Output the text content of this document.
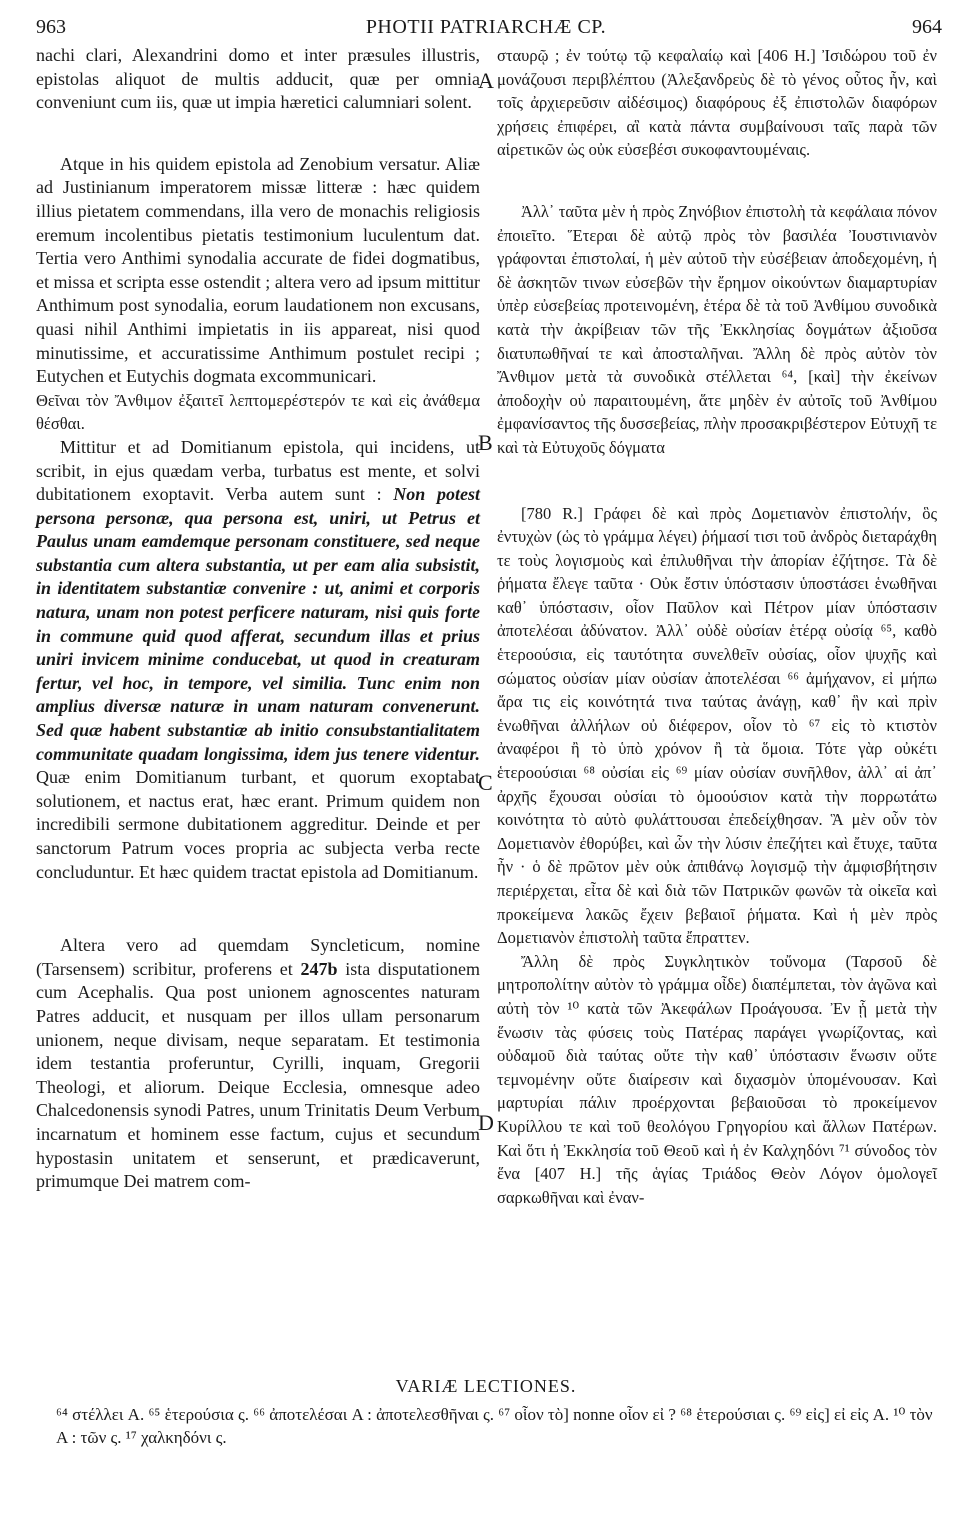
963	PHOTII PATRIARCHÆ CP.	964

nachi clari, Alexandrini domo et inter præsules illustris, epistolas aliquot de multis adducit, quæ per omnia conveniunt cum iis, quæ ut impia hæretici calumniari solent.

Atque in his quidem epistola ad Zenobium versatur. Aliæ ad Justinianum imperatorem missæ litteræ : hæc quidem illius pietatem commendans, illa vero de monachis religiosis eremum incolentibus pietatis testimonium luculentum dat. Tertia vero Anthimi synodalia accurate de fidei dogmatibus, et missa et scripta esse ostendit ; altera vero ad ipsum mittitur Anthimum post synodalia, eorum laudationem non excusans, quasi nihil Anthimi impietatis in iis appareat, nisi quod minutissime, et accuratissime Anthimum postulet recipi ; Eutychen et Eutychis dogmata excommunicari.

Θεῖναι τὸν Ἄνθιμον ἐξαιτεῖ λεπτομερέστερόν τε καὶ εἰς ἀνάθεμα θέσθαι.

Mittitur et ad Domitianum epistola, qui incidens, ut scribit, in ejus quædam verba, turbatus est mente, et solvi dubitationem exoptavit. Verba autem sunt : Non potest persona personæ, qua persona est, uniri, ut Petrus et Paulus unam eamdemque personam constituere, sed neque substantia cum altera substantia, ut per eam alia subsistit, in identitatem substantiæ convenire : ut, animi et corporis natura, unam non potest perficere naturam, nisi quis forte in commune quid quod afferat, secundum illas et prius uniri invicem minime conducebat, ut quod in creaturam fertur, vel hoc, in tempore, vel similia. Tunc enim non amplius diversæ naturæ in unam naturam convenerunt. Sed quæ habent substantiæ ab initio consubstantialitatem communitate quadam longissima, idem jus tenere videntur. Quæ enim Domitianum turbant, et quorum exoptabat solutionem, et nactus erat, hæc erant. Primum quidem non incredibili sermone dubitationem aggreditur. Deinde et per sanctorum Patrum voces propria ac subjecta verba recte concluduntur. Et hæc quidem tractat epistola ad Domitianum.

Altera vero ad quemdam Syncleticum, nomine (Tarsensem) scribitur, proferens et 247b ista disputationem cum Acephalis. Qua post unionem agnoscentes naturam Patres adducit, et nusquam per illos ullam personarum unionem, neque divisam, neque separatam. Et testimonia idem testantia proferuntur, Cyrilli, inquam, Gregorii Theologi, et aliorum. Deique Ecclesia, omnesque adeo Chalcedonensis synodi Patres, unum Trinitatis Deum Verbum incarnatum et hominem esse factum, cujus et secundum hypostasin unitatem et senserunt, et prædicaverunt, primumque Dei matrem com-

A
B
C
D

σταυρῷ ; ἐν τούτῳ τῷ κεφαλαίῳ καὶ [406 H.] Ἰσιδώρου τοῦ ἐν μονάζουσι περιβλέπτου (Ἀλεξανδρεὺς δὲ τὸ γένος οὗτος ἦν, καὶ τοῖς ἀρχιερεῦσιν αἰδέσιμος) διαφόρους ἐξ ἐπιστολῶν διαφόρων χρήσεις ἐπιφέρει, αἳ κατὰ πάντα συμβαίνουσι ταῖς παρὰ τῶν αἱρετικῶν ὡς οὐκ εὐσεβέσι συκοφαντουμέναις.

Ἀλλ᾽ ταῦτα μὲν ἡ πρὸς Ζηνόβιον ἐπιστολὴ τὰ κεφάλαια πόνον ἐποιεῖτο. Ἕτεραι δὲ αὐτῷ πρὸς τὸν βασιλέα Ἰουστινιανὸν γράφονται ἐπιστολαί, ἡ μὲν αὐτοῦ τὴν εὐσέβειαν ἀποδεχομένη, ἡ δὲ ἀσκητῶν τινων εὐσεβῶν τὴν ἔρημον οἰκούντων διαμαρτυρίαν ὑπὲρ εὐσεβείας προτεινομένη, ἑτέρα δὲ τὰ τοῦ Ἀνθίμου συνοδικὰ κατὰ τὴν ἀκρίβειαν τῶν τῆς Ἐκκλησίας δογμάτων ἀξιοῦσα διατυπωθῆναί τε καὶ ἀποσταλῆναι. Ἄλλη δὲ πρὸς αὐτὸν τὸν Ἄνθιμον μετὰ τὰ συνοδικὰ στέλλεται ⁶⁴, [καὶ] τὴν ἐκείνων ἀποδοχὴν οὐ παραιτουμένη, ἅτε μηδὲν ἐν αὐτοῖς τοῦ Ἀνθίμου ἐμφανίσαντος τῆς δυσσεβείας, πλὴν προσακριβέστερον Εὐτυχῆ τε καὶ τὰ Εὐτυχοῦς δόγματα

[780 R.] Γράφει δὲ καὶ πρὸς Δομετιανὸν ἐπιστολήν, ὃς ἐντυχὼν (ὡς τὸ γράμμα λέγει) ῥήμασί τισι τοῦ ἀνδρὸς διεταράχθη τε τοὺς λογισμοὺς καὶ ἐπιλυθῆναι τὴν ἀπορίαν ἐζήτησε. Τὰ δὲ ῥήματα ἔλεγε ταῦτα · Οὐκ ἔστιν ὑπόστασιν ὑποστάσει ἑνωθῆναι καθ᾽ ὑπόστασιν, οἷον Παῦλον καὶ Πέτρον μίαν ὑπόστασιν ἀποτελέσαι ἀδύνατον. Ἀλλ᾽ οὐδὲ οὐσίαν ἑτέρᾳ οὐσίᾳ ⁶⁵, καθὸ ἑτεροούσια, εἰς ταυτότητα συνελθεῖν οὐσίας, οἷον ψυχῆς καὶ σώματος οὐσίαν μίαν οὐσίαν ἀποτελέσαι ⁶⁶ ἀμήχανον, εἰ μήπω ἄρα τις εἰς κοινότητά τινα ταύτας ἀνάγῃ, καθ᾽ ἣν καὶ πρὶν ἑνωθῆναι ἀλλήλων οὐ διέφερον, οἷον τὸ ⁶⁷ εἰς τὸ κτιστὸν ἀναφέροι ἢ τὸ ὑπὸ χρόνον ἢ τὰ ὅμοια. Τότε γὰρ οὐκέτι ἑτεροούσιαι ⁶⁸ οὐσίαι εἰς ⁶⁹ μίαν οὐσίαν συνῆλθον, ἀλλ᾽ αἱ ἀπ᾽ ἀρχῆς ἔχουσαι οὐσίαι τὸ ὁμοούσιον κατὰ τὴν πορρωτάτω κοινότητα τὸ αὐτὸ φυλάττουσαι ἐπεδείχθησαν. Ἃ μὲν οὖν τὸν Δομετιανὸν ἐθορύβει, καὶ ὧν τὴν λύσιν ἐπεζήτει καὶ ἔτυχε, ταῦτα ἦν · ὁ δὲ πρῶτον μὲν οὐκ ἀπιθάνῳ λογισμῷ τὴν ἀμφισβήτησιν περιέρχεται, εἶτα δὲ καὶ διὰ τῶν Πατρικῶν φωνῶν τὰ οἰκεῖα καὶ προκείμενα λακῶς ἔχειν βεβαιοῖ ῥήματα. Καὶ ἡ μὲν πρὸς Δομετιανὸν ἐπιστολὴ ταῦτα ἔπραττεν.

Ἄλλη δὲ πρὸς Συγκλητικὸν τοὔνομα (Ταρσοῦ δὲ μητροπολίτην αὐτὸν τὸ γράμμα οἶδε) διαπέμπεται, τὸν ἀγῶνα καὶ αὐτὴ τὸν ¹⁰ κατὰ τῶν Ἀκεφάλων Προάγουσα. Ἐν ᾗ μετὰ τὴν ἕνωσιν τὰς φύσεις τοὺς Πατέρας παράγει γνωρίζοντας, καὶ οὐδαμοῦ διὰ ταύτας οὔτε τὴν καθ᾽ ὑπόστασιν ἕνωσιν οὔτε τεμνομένην οὔτε διαίρεσιν καὶ διχασμὸν ὑπομένουσαν. Καὶ μαρτυρίαι πάλιν προέρχονται βεβαιοῦσαι τὸ προκείμενον Κυρίλλου τε καὶ τοῦ θεολόγου Γρηγορίου καὶ ἄλλων Πατέρων. Καὶ ὅτι ἡ Ἐκκλησία τοῦ Θεοῦ καὶ ἡ ἐν Καλχηδόνι ⁷¹ σύνοδος τὸν ἕνα [407 H.] τῆς ἁγίας Τριάδος Θεὸν Λόγον ὁμολογεῖ σαρκωθῆναι καὶ ἐναν-

VARIÆ LECTIONES.

⁶⁴ στέλλει A. ⁶⁵ ἑτερούσια ς. ⁶⁶ ἀποτελέσαι A : ἀποτελεσθῆναι ς. ⁶⁷ οἷον τὸ] nonne οἷον εἰ ? ⁶⁸ ἑτερούσιαι ς. ⁶⁹ εἰς] εἰ εἰς A. ¹⁰ τὸν A : τῶν ς. ¹⁷ χαλκηδόνι ς.
